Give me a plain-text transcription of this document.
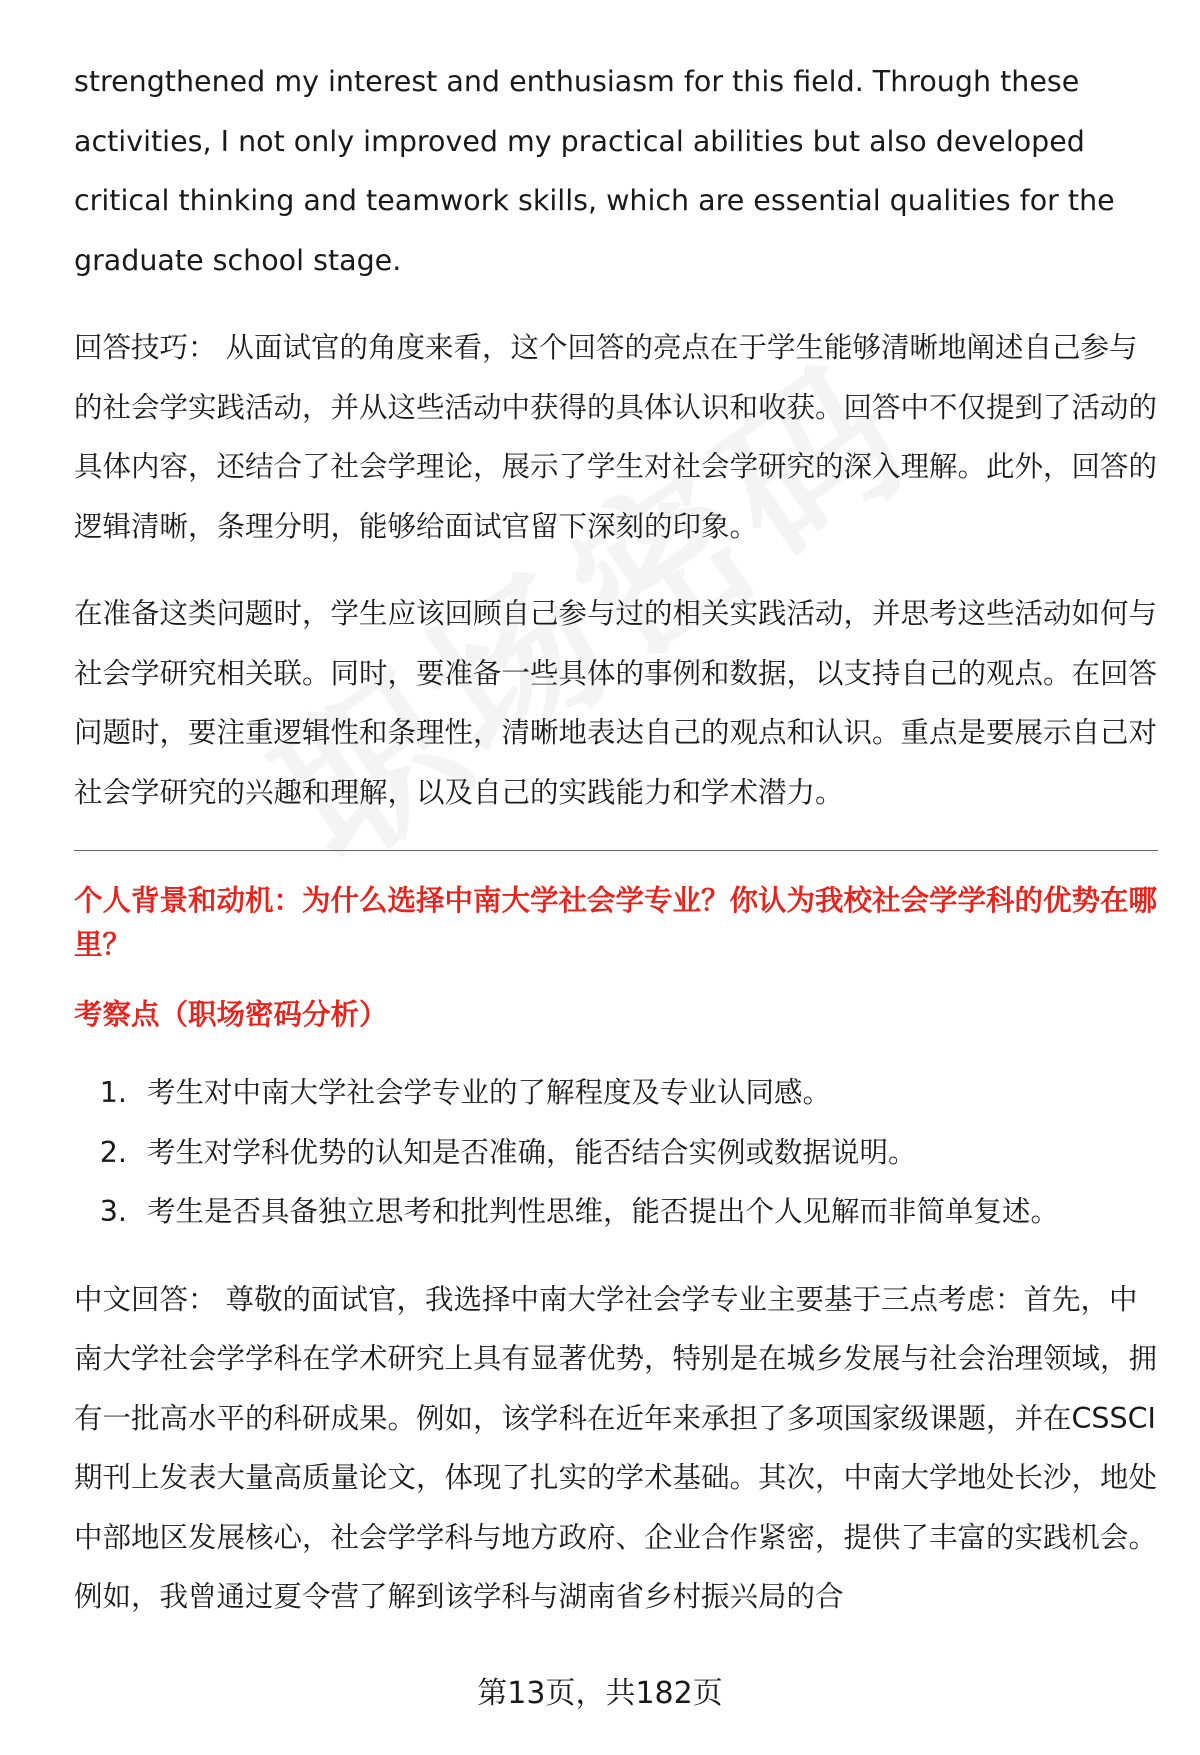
strengthened my interest and enthusiasm for this field. Through these activities, I not only improved my practical abilities but also developed critical thinking and teamwork skills, which are essential qualities for the graduate school stage.

回答技巧： 从面试官的角度来看，这个回答的亮点在于学生能够清晰地阐述自己参与的社会学实践活动，并从这些活动中获得的具体认识和收获。回答中不仅提到了活动的具体内容，还结合了社会学理论，展示了学生对社会学研究的深入理解。此外，回答的逻辑清晰，条理分明，能够给面试官留下深刻的印象。

在准备这类问题时，学生应该回顾自己参与过的相关实践活动，并思考这些活动如何与社会学研究相关联。同时，要准备一些具体的事例和数据，以支持自己的观点。在回答问题时，要注重逻辑性和条理性，清晰地表达自己的观点和认识。重点是要展示自己对社会学研究的兴趣和理解，以及自己的实践能力和学术潜力。

个人背景和动机：为什么选择中南大学社会学专业？你认为我校社会学学科的优势在哪里？

考察点（职场密码分析）

1. 考生对中南大学社会学专业的了解程度及专业认同感。
2. 考生对学科优势的认知是否准确，能否结合实例或数据说明。
3. 考生是否具备独立思考和批判性思维，能否提出个人见解而非简单复述。

中文回答： 尊敬的面试官，我选择中南大学社会学专业主要基于三点考虑：首先，中南大学社会学学科在学术研究上具有显著优势，特别是在城乡发展与社会治理领域，拥有一批高水平的科研成果。例如，该学科在近年来承担了多项国家级课题，并在CSSCI期刊上发表大量高质量论文，体现了扎实的学术基础。其次，中南大学地处长沙，地处中部地区发展核心，社会学学科与地方政府、企业合作紧密，提供了丰富的实践机会。例如，我曾通过夏令营了解到该学科与湖南省乡村振兴局的合

第13页，共182页
